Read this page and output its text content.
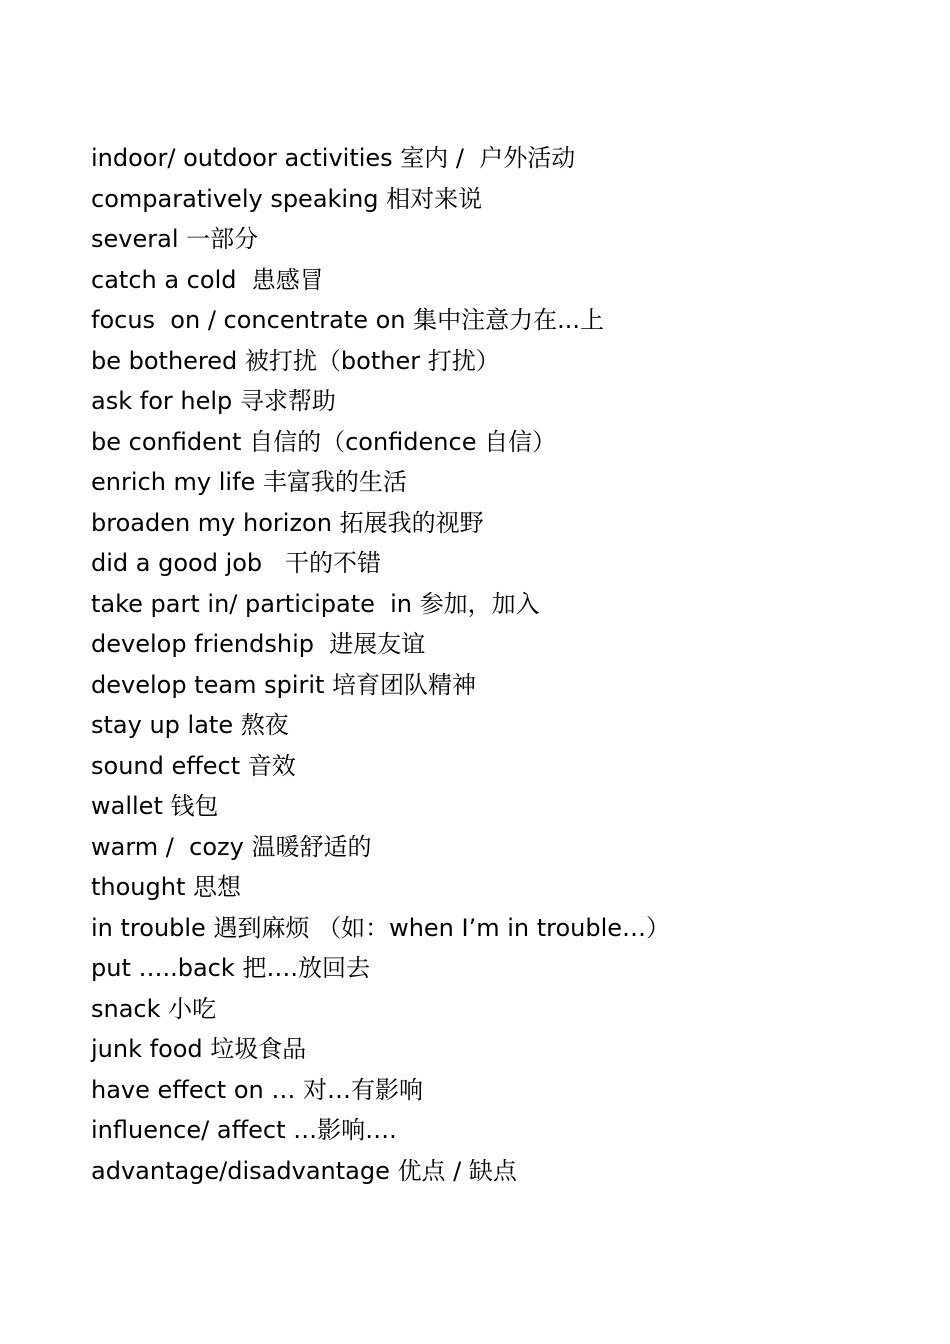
indoor/ outdoor activities 室内 /  户外活动
comparatively speaking 相对来说
several 一部分
catch a cold  患感冒
focus  on / concentrate on 集中注意力在...上
be bothered 被打扰（bother 打扰）
ask for help 寻求帮助
be confident 自信的（confidence 自信）
enrich my life 丰富我的生活
broaden my horizon 拓展我的视野
did a good job   干的不错
take part in/ participate  in 参加，加入
develop friendship  进展友谊
develop team spirit 培育团队精神
stay up late 熬夜
sound effect 音效
wallet 钱包
warm /  cozy 温暖舒适的
thought 思想
in trouble 遇到麻烦 （如：when I’m in trouble…）
put …..back 把….放回去
snack 小吃
junk food 垃圾食品
have effect on … 对…有影响
influence/ affect …影响….
advantage/disadvantage 优点 / 缺点
